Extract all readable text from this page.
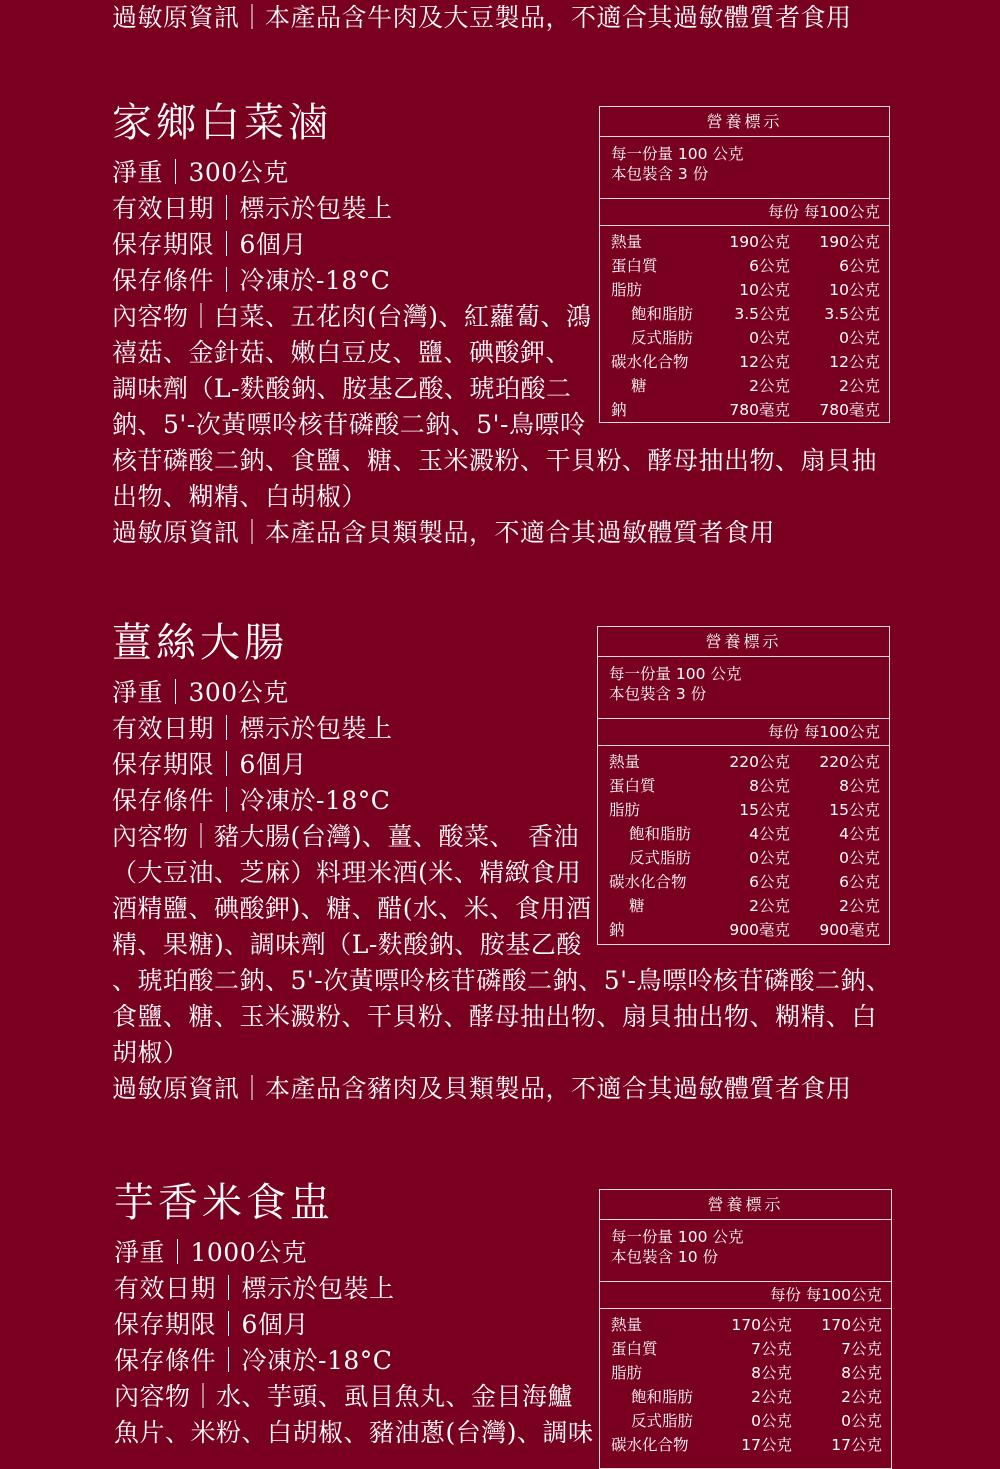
過敏原資訊｜本產品含牛肉及大豆製品，不適合其過敏體質者食用
家鄉白菜滷
淨重｜300公克
有效日期｜標示於包裝上
保存期限｜6個月
保存條件｜冷凍於-18°C
內容物｜白菜、五花肉(台灣)、紅蘿蔔、鴻
禧菇、金針菇、嫩白豆皮、鹽、碘酸鉀、
調味劑（L-麩酸鈉、胺基乙酸、琥珀酸二
鈉、5'-次黃嘌呤核苷磷酸二鈉、5'-鳥嘌呤
核苷磷酸二鈉、食鹽、糖、玉米澱粉、干貝粉、酵母抽出物、扇貝抽
出物、糊精、白胡椒）
過敏原資訊｜本產品含貝類製品，不適合其過敏體質者食用
營養標示
每一份量 100 公克
本包裝含 3 份
每份 每100公克
熱量	190公克 190公克
蛋白質	6公克	6公克
脂肪	10公克	10公克
飽和脂肪	3.5公克 3.5公克
反式脂肪	0公克	0公克
碳水化合物	12公克	12公克
糖	2公克	2公克
鈉	780毫克 780毫克
薑絲大腸
淨重｜300公克
有效日期｜標示於包裝上
保存期限｜6個月
保存條件｜冷凍於-18°C
內容物｜豬大腸(台灣)、薑、酸菜、　香油
（大豆油、芝麻）料理米酒(米、精緻食用
酒精鹽、碘酸鉀)、糖、醋(水、米、食用酒
精、果糖)、調味劑（L-麩酸鈉、胺基乙酸
、琥珀酸二鈉、5'-次黃嘌呤核苷磷酸二鈉、5'-鳥嘌呤核苷磷酸二鈉、
食鹽、糖、玉米澱粉、干貝粉、酵母抽出物、扇貝抽出物、糊精、白
胡椒）
過敏原資訊｜本產品含豬肉及貝類製品，不適合其過敏體質者食用
營養標示
每一份量 100 公克
本包裝含 3 份
每份 每100公克
熱量	220公克 220公克
蛋白質	8公克	8公克
脂肪	15公克	15公克
飽和脂肪	4公克	4公克
反式脂肪	0公克	0公克
碳水化合物	6公克	6公克
糖	2公克	2公克
鈉	900毫克 900毫克
芋香米食盅
淨重｜1000公克
有效日期｜標示於包裝上
保存期限｜6個月
保存條件｜冷凍於-18°C
內容物｜水、芋頭、虱目魚丸、金目海鱸
魚片、米粉、白胡椒、豬油蔥(台灣)、調味
營養標示
每一份量 100 公克
本包裝含 10 份
每份 每100公克
熱量	170公克 170公克
蛋白質	7公克	7公克
脂肪	8公克	8公克
飽和脂肪	2公克	2公克
反式脂肪	0公克	0公克
碳水化合物	17公克	17公克
